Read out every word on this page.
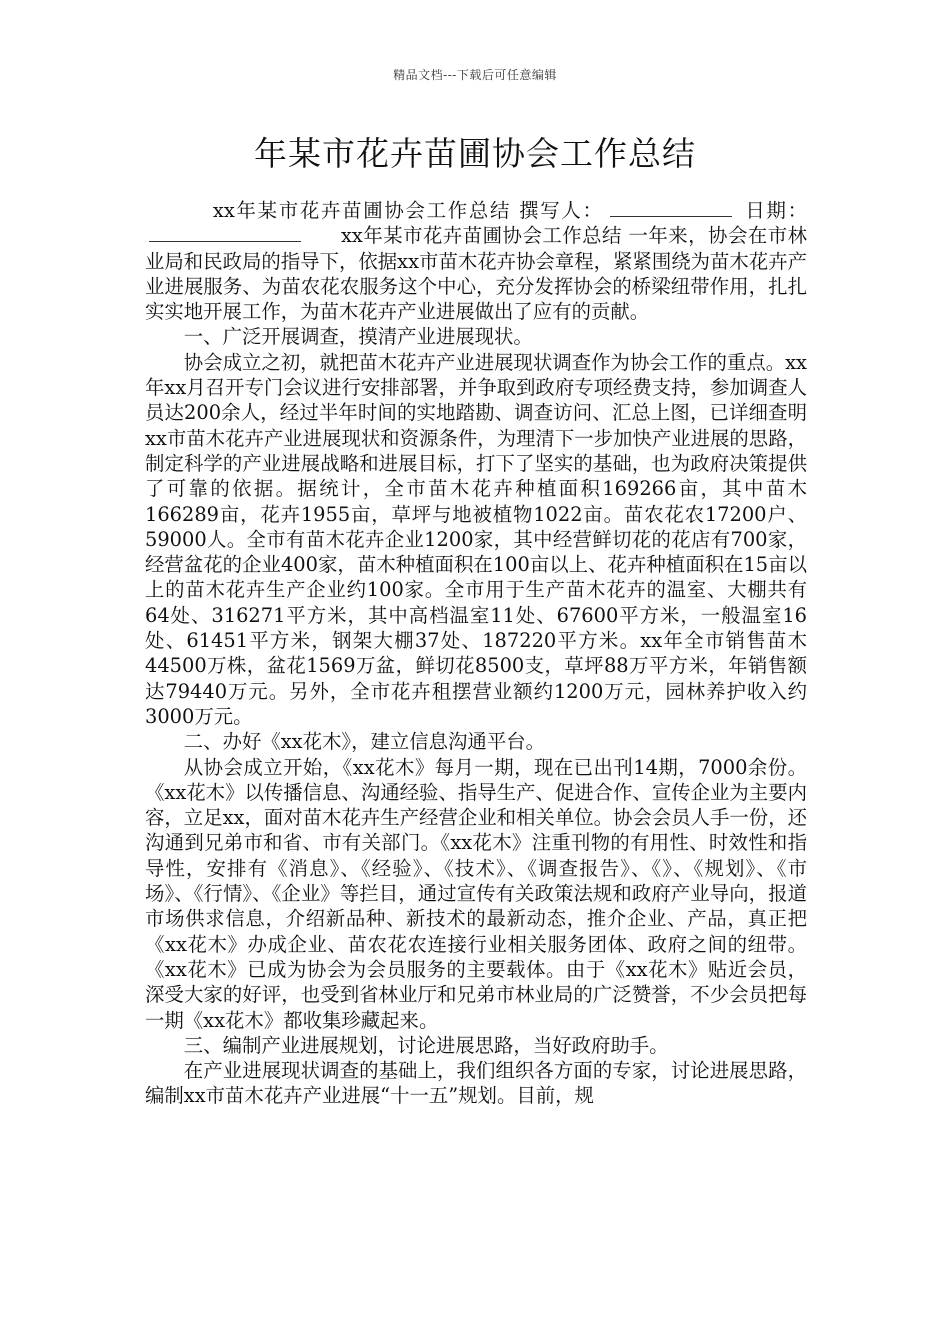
精品文档---下载后可任意编辑
年某市花卉苗圃协会工作总结

xx年某市花卉苗圃协会工作总结 撰写人：	日期：xx年某市花卉苗圃协会工作总结 一年来，协会在市林业局和民政局的指导下，依据xx市苗木花卉协会章程，紧紧围绕为苗木花卉产业进展服务、为苗农花农服务这个中心，充分发挥协会的桥梁纽带作用，扎扎实实地开展工作，为苗木花卉产业进展做出了应有的贡献。

一、广泛开展调查，摸清产业进展现状。

协会成立之初，就把苗木花卉产业进展现状调查作为协会工作的重点。xx年xx月召开专门会议进行安排部署，并争取到政府专项经费支持，参加调查人员达200余人，经过半年时间的实地踏勘、调查访问、汇总上图，已详细查明xx市苗木花卉产业进展现状和资源条件，为理清下一步加快产业进展的思路，制定科学的产业进展战略和进展目标，打下了坚实的基础，也为政府决策提供了可靠的依据。据统计，全市苗木花卉种植面积169266亩，其中苗木166289亩，花卉1955亩，草坪与地被植物1022亩。苗农花农17200户、59000人。全市有苗木花卉企业1200家，其中经营鲜切花的花店有700家，经营盆花的企业400家，苗木种植面积在100亩以上、花卉种植面积在15亩以上的苗木花卉生产企业约100家。全市用于生产苗木花卉的温室、大棚共有64处、316271平方米，其中高档温室11处、67600平方米，一般温室16处、61451平方米，钢架大棚37处、187220平方米。xx年全市销售苗木44500万株，盆花1569万盆，鲜切花8500支，草坪88万平方米，年销售额达79440万元。另外，全市花卉租摆营业额约1200万元，园林养护收入约3000万元。

二、办好《xx花木》，建立信息沟通平台。

从协会成立开始，《xx花木》每月一期，现在已出刊14期，7000余份。《xx花木》以传播信息、沟通经验、指导生产、促进合作、宣传企业为主要内容，立足xx，面对苗木花卉生产经营企业和相关单位。协会会员人手一份，还沟通到兄弟市和省、市有关部门。《xx花木》注重刊物的有用性、时效性和指导性，安排有《消息》、《经验》、《技术》、《调查报告》、《》、《规划》、《市场》、《行情》、《企业》等拦目，通过宣传有关政策法规和政府产业导向，报道市场供求信息，介绍新品种、新技术的最新动态，推介企业、产品，真正把《xx花木》办成企业、苗农花农连接行业相关服务团体、政府之间的纽带。《xx花木》已成为协会为会员服务的主要载体。由于《xx花木》贴近会员，深受大家的好评，也受到省林业厅和兄弟市林业局的广泛赞誉，不少会员把每一期《xx花木》都收集珍藏起来。

三、编制产业进展规划，讨论进展思路，当好政府助手。

在产业进展现状调查的基础上，我们组织各方面的专家，讨论进展思路，编制xx市苗木花卉产业进展“十一五”规划。目前，规
